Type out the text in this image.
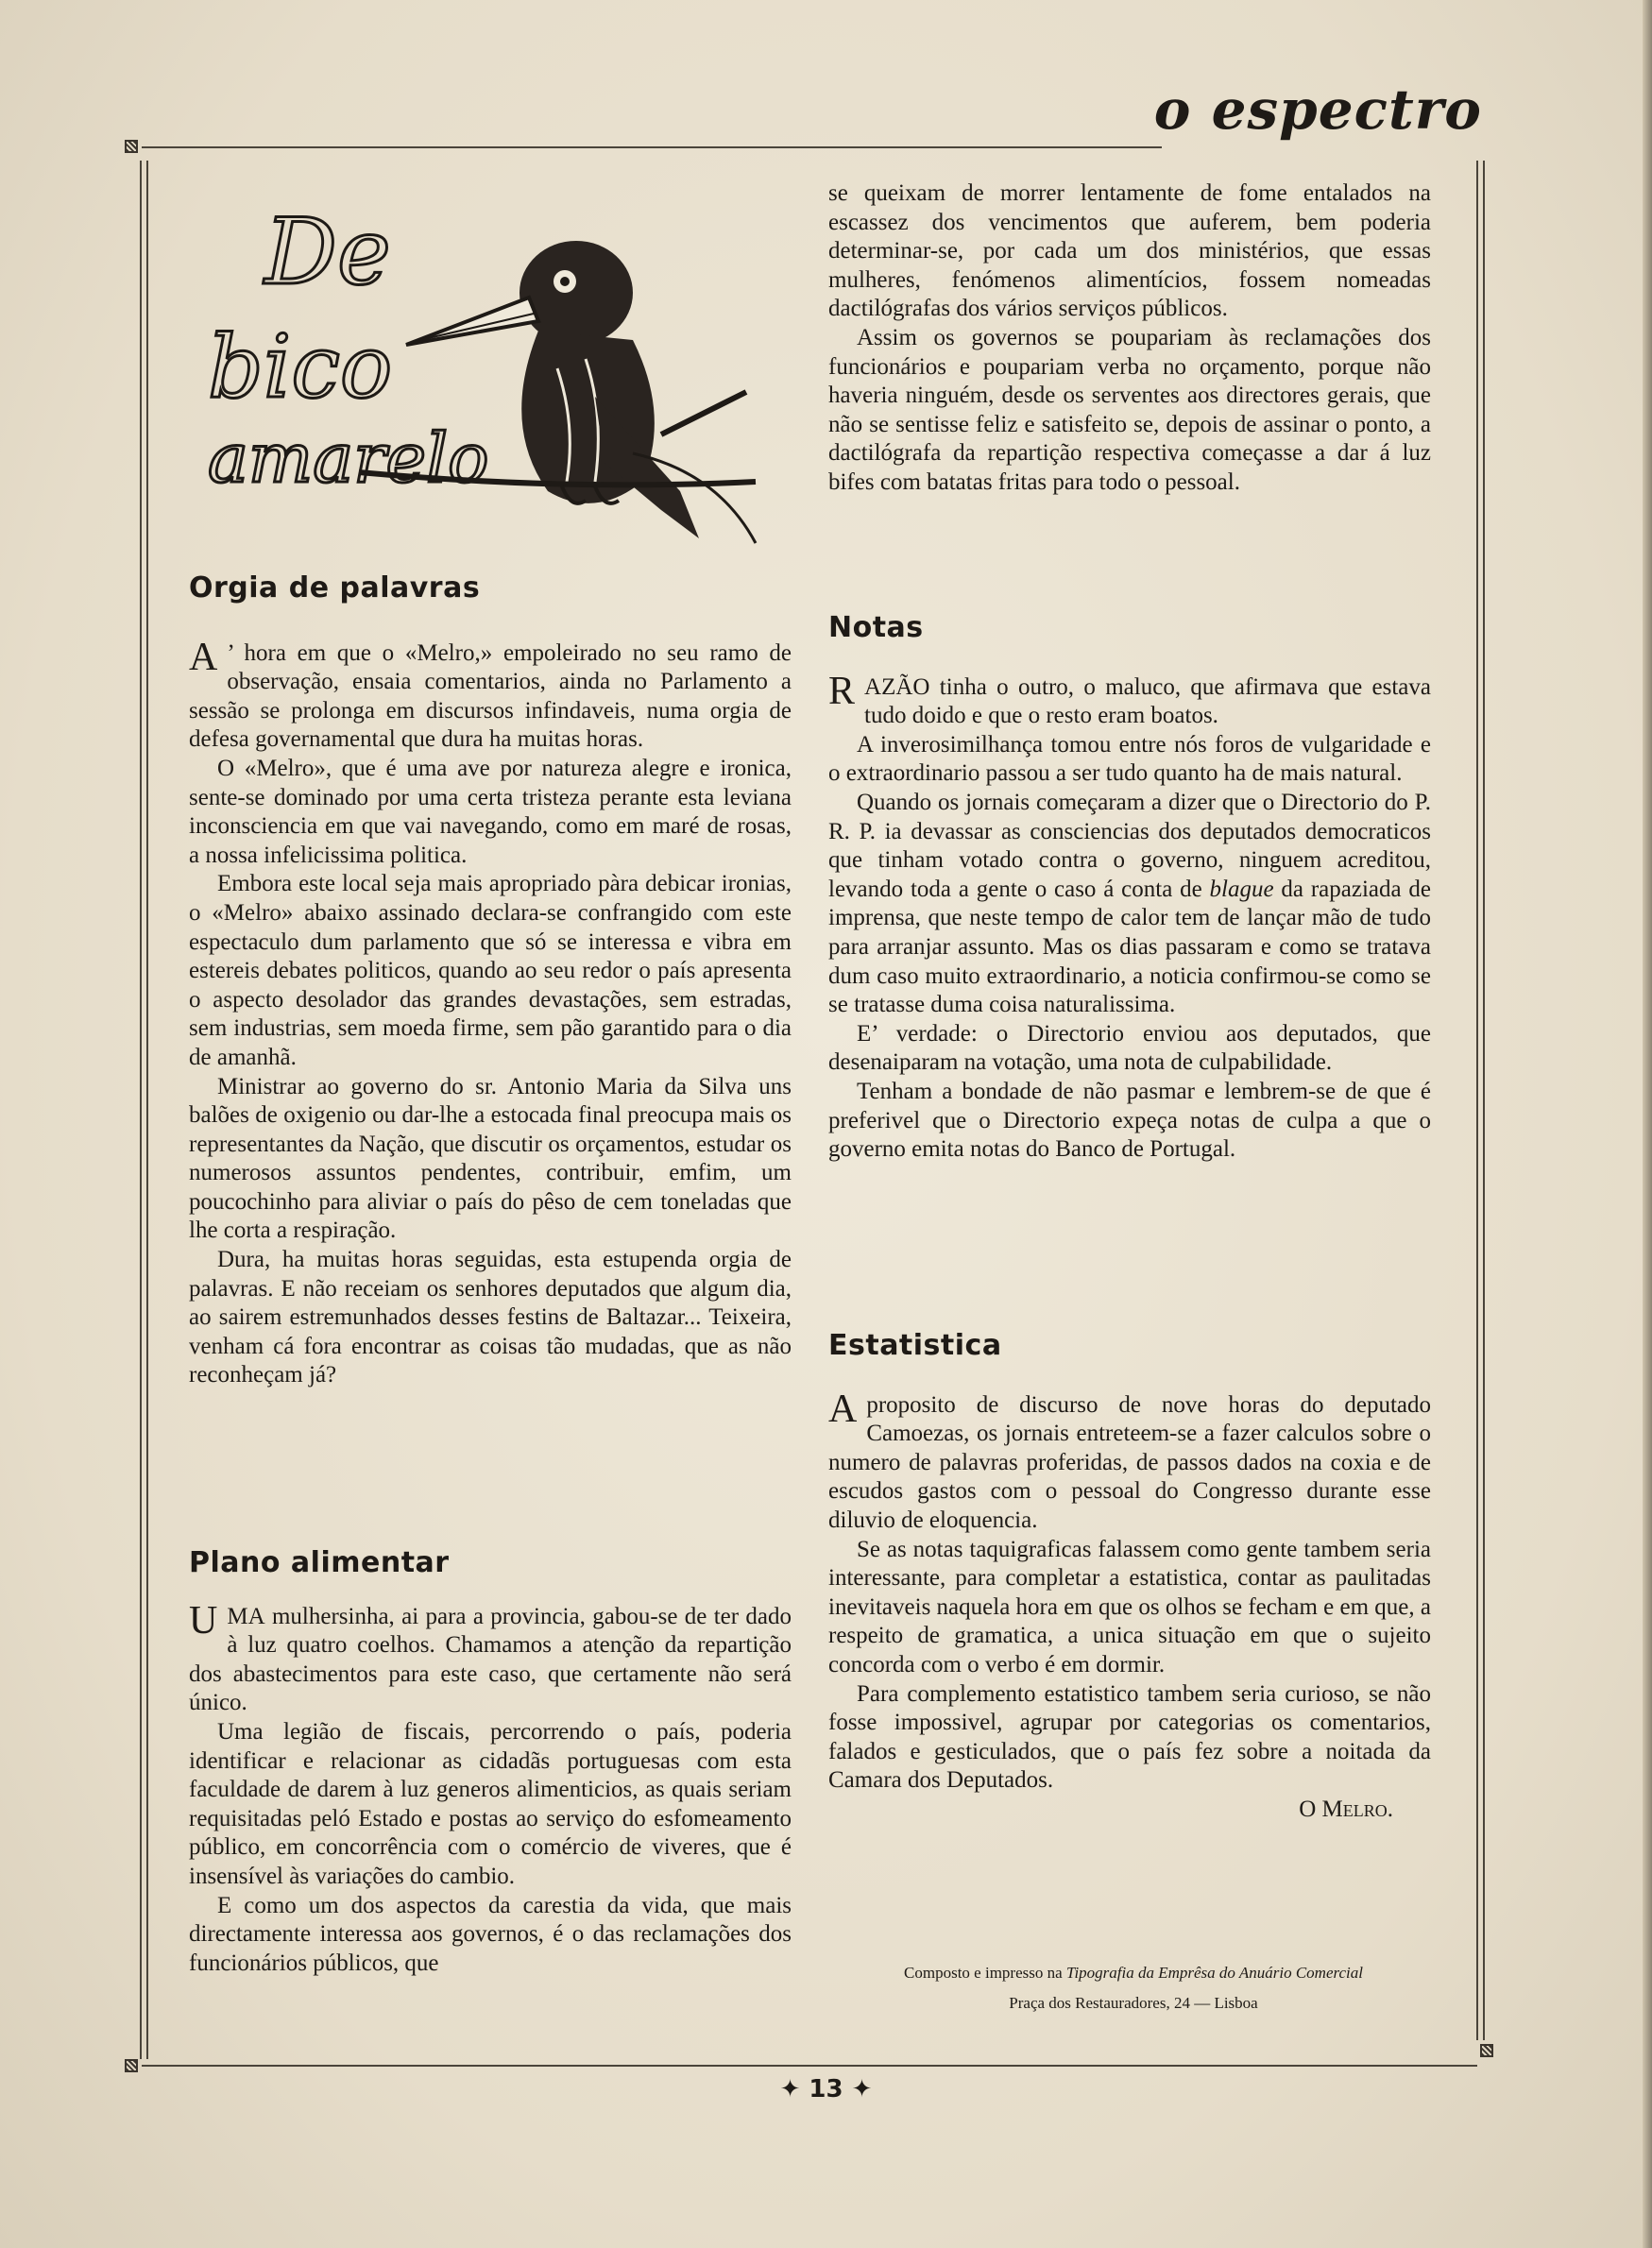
o espectro
De
bico
amarelo
Orgia de palavras

A ’ hora em que o «Melro,» empoleirado no seu ramo de observação, ensaia comentarios, ainda no Parlamento a sessão se prolonga em discursos infindaveis, numa orgia de defesa governamental que dura ha muitas horas.

O «Melro», que é uma ave por natureza alegre e ironica, sente-se dominado por uma certa tristeza perante esta leviana inconsciencia em que vai navegando, como em maré de rosas, a nossa infelicissima politica.

Embora este local seja mais apropriado pàra debicar ironias, o «Melro» abaixo assinado declara-se confrangido com este espectaculo dum parlamento que só se interessa e vibra em estereis debates politicos, quando ao seu redor o país apresenta o aspecto desolador das grandes devastações, sem estradas, sem industrias, sem moeda firme, sem pão garantido para o dia de amanhã.

Ministrar ao governo do sr. Antonio Maria da Silva uns balões de oxigenio ou dar-lhe a estocada final preocupa mais os representantes da Nação, que discutir os orçamentos, estudar os numerosos assuntos pendentes, contribuir, emfim, um poucochinho para aliviar o país do pêso de cem toneladas que lhe corta a respiração.

Dura, ha muitas horas seguidas, esta estupenda orgia de palavras. E não receiam os senhores deputados que algum dia, ao sairem estremunhados desses festins de Baltazar... Teixeira, venham cá fora encontrar as coisas tão mudadas, que as não reconheçam já?

Plano alimentar

UMA mulhersinha, ai para a provincia, gabou-se de ter dado à luz quatro coelhos. Chamamos a atenção da repartição dos abastecimentos para este caso, que certamente não será único.

Uma legião de fiscais, percorrendo o país, poderia identificar e relacionar as cidadãs portuguesas com esta faculdade de darem à luz generos alimenticios, as quais seriam requisitadas peló Estado e postas ao serviço do esfomeamento público, em concorrência com o comércio de viveres, que é insensível às variações do cambio.

E como um dos aspectos da carestia da vida, que mais directamente interessa aos governos, é o das reclamações dos funcionários públicos, que

se queixam de morrer lentamente de fome entalados na escassez dos vencimentos que auferem, bem poderia determinar-se, por cada um dos ministérios, que essas mulheres, fenómenos alimentícios, fossem nomeadas dactilógrafas dos vários serviços públicos.

Assim os governos se poupariam às reclamações dos funcionários e poupariam verba no orçamento, porque não haveria ninguém, desde os serventes aos directores gerais, que não se sentisse feliz e satisfeito se, depois de assinar o ponto, a dactilógrafa da repartição respectiva começasse a dar á luz bifes com batatas fritas para todo o pessoal.

Notas

RAZÃO tinha o outro, o maluco, que afirmava que estava tudo doido e que o resto eram boatos.

A inverosimilhança tomou entre nós foros de vulgaridade e o extraordinario passou a ser tudo quanto ha de mais natural.

Quando os jornais começaram a dizer que o Directorio do P. R. P. ia devassar as consciencias dos deputados democraticos que tinham votado contra o governo, ninguem acreditou, levando toda a gente o caso á conta de blague da rapaziada de imprensa, que neste tempo de calor tem de lançar mão de tudo para arranjar assunto. Mas os dias passaram e como se tratava dum caso muito extraordinario, a noticia confirmou-se como se se tratasse duma coisa naturalissima.

E’ verdade: o Directorio enviou aos deputados, que desenaiparam na votação, uma nota de culpabilidade.

Tenham a bondade de não pasmar e lembrem-se de que é preferivel que o Directorio expeça notas de culpa a que o governo emita notas do Banco de Portugal.

Estatistica

Aproposito de discurso de nove horas do deputado Camoezas, os jornais entreteem-se a fazer calculos sobre o numero de palavras proferidas, de passos dados na coxia e de escudos gastos com o pessoal do Congresso durante esse diluvio de eloquencia.

Se as notas taquigraficas falassem como gente tambem seria interessante, para completar a estatistica, contar as paulitadas inevitaveis naquela hora em que os olhos se fecham e em que, a respeito de gramatica, a unica situação em que o sujeito concorda com o verbo é em dormir.

Para complemento estatistico tambem seria curioso, se não fosse impossivel, agrupar por categorias os comentarios, falados e gesticulados, que o país fez sobre a noitada da Camara dos Deputados.

O Melro.

Composto e impresso na Tipografia da Emprêsa do Anuário Comercial
Praça dos Restauradores, 24 — Lisboa
✦ 13 ✦
